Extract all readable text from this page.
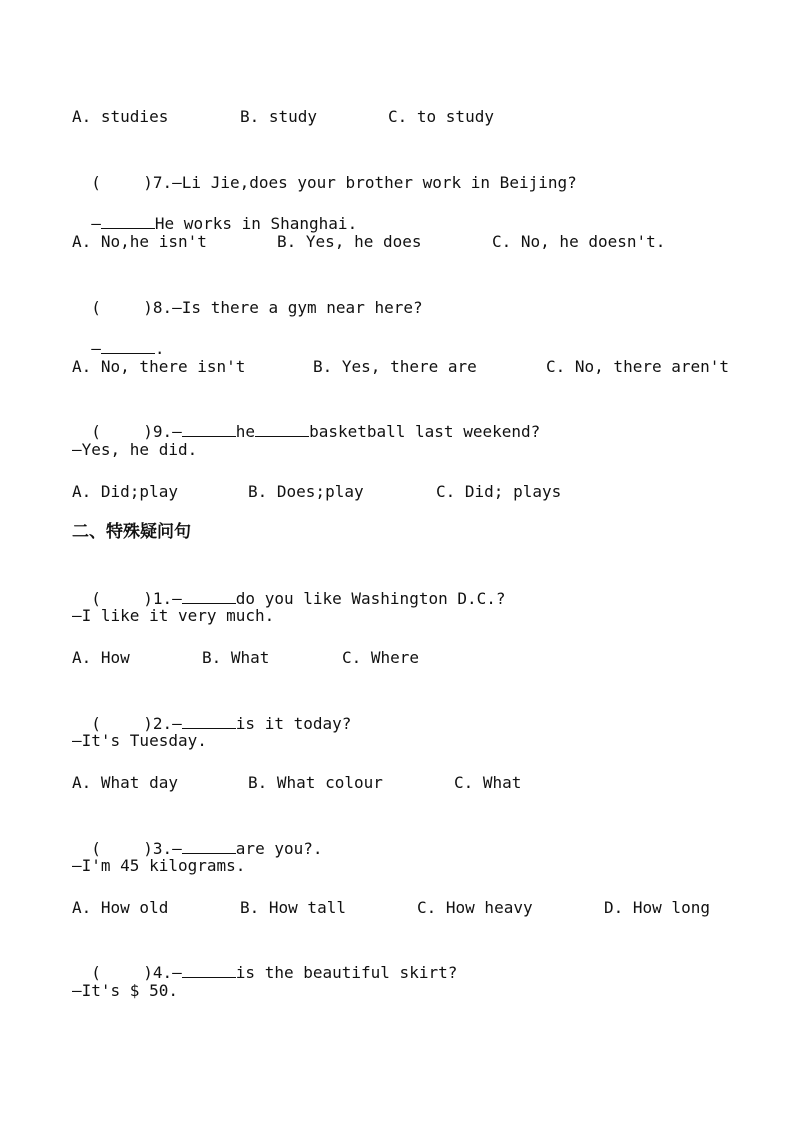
A. studies

	B. study

	C. to study

(	)7.—Li Jie,does your brother work in Beijing?

—	He works in Shanghai.

A. No,he isn't

	B. Yes, he does

	C. No, he doesn't.

(	)8.—Is there a gym near here?

—	.

A. No, there isn't

	B. Yes, there are

	C. No, there aren't

(	)9.—	he	basketball last weekend?

—Yes, he did.

A. Did;play

	B. Does;play

	C. Did; plays

二、特殊疑问句

(	)1.—	do you like Washington D.C.?

—I like it very much.

A. How

	B. What

	C. Where

(	)2.—	is it today?

—It's Tuesday.

A. What day

	B. What colour

	C. What

(	)3.—	are you?.

—I'm 45 kilograms.

A. How old

	B. How tall

	C. How heavy

	D. How long

(	)4.—	is the beautiful skirt?

—It's $ 50.
